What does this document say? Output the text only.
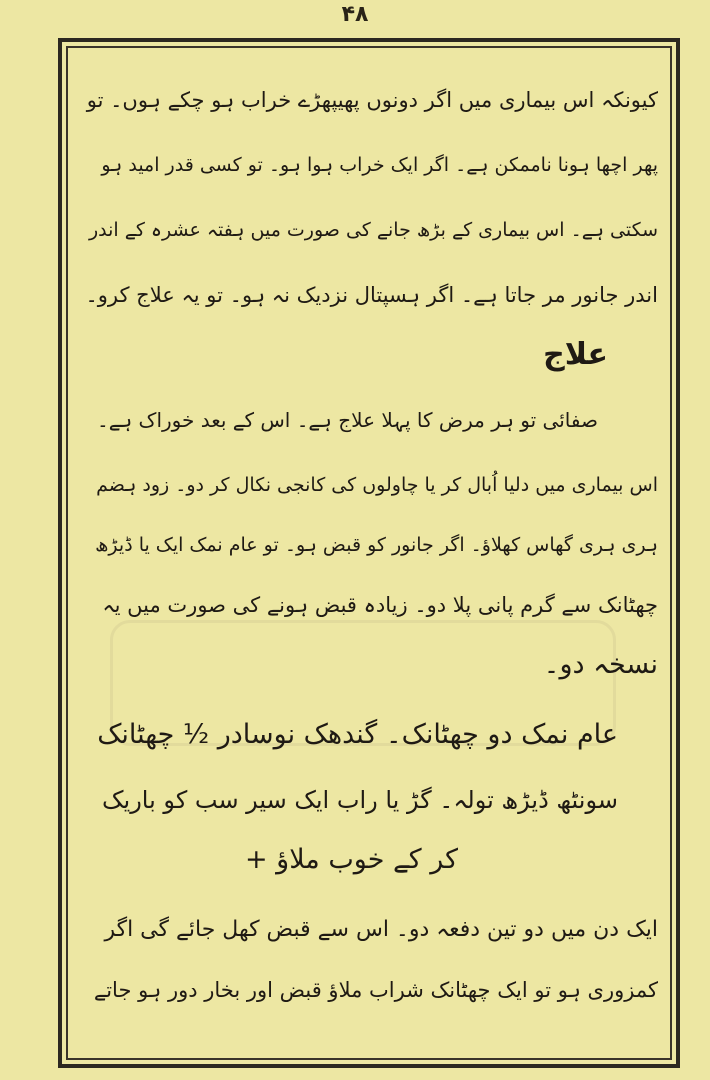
۴۸
کیونکہ اس بیماری میں اگر دونوں پھیپھڑے خراب ہو چکے ہوں۔ تو
پھر اچھا ہونا ناممکن ہے۔ اگر ایک خراب ہوا ہو۔ تو کسی قدر امید ہو
سکتی ہے۔ اس بیماری کے بڑھ جانے کی صورت میں ہفتہ عشرہ کے اندر
اندر جانور مر جاتا ہے۔ اگر ہسپتال نزدیک نہ ہو۔ تو یہ علاج کرو۔
علاج
صفائی تو ہر مرض کا پہلا علاج ہے۔ اس کے بعد خوراک ہے۔
اس بیماری میں دلیا اُبال کر یا چاولوں کی کانجی نکال کر دو۔ زود ہضم
ہری ہری گھاس کھلاؤ۔ اگر جانور کو قبض ہو۔ تو عام نمک ایک یا ڈیڑھ
چھٹانک سے گرم پانی پلا دو۔ زیادہ قبض ہونے کی صورت میں یہ
نسخہ دو۔
عام نمک دو چھٹانک۔ گندھک نوسادر ½ چھٹانک
سونٹھ ڈیڑھ تولہ۔ گڑ یا راب ایک سیر سب کو باریک
کر کے خوب ملاؤ +
ایک دن میں دو تین دفعہ دو۔ اس سے قبض کھل جائے گی اگر
کمزوری ہو تو ایک چھٹانک شراب ملاؤ قبض اور بخار دور ہو جاتے
